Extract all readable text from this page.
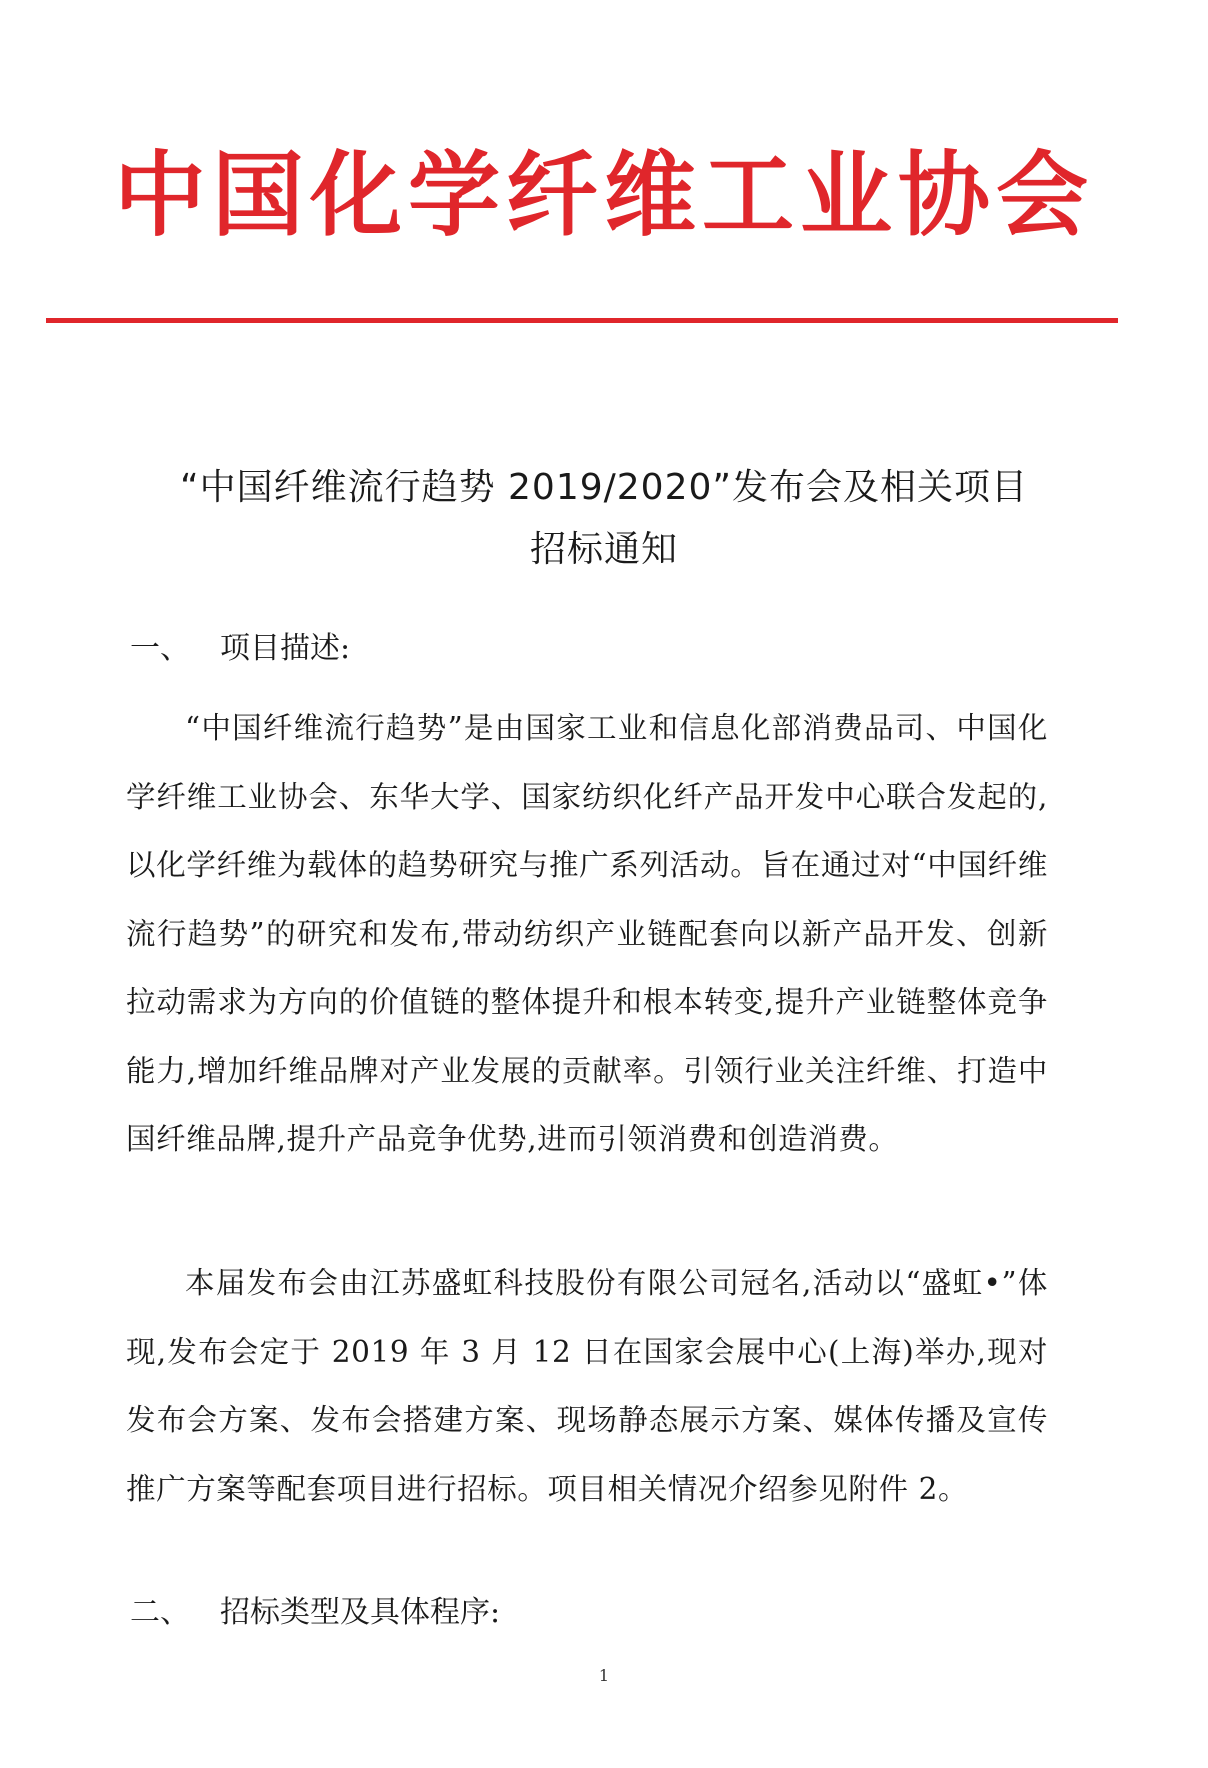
中国化学纤维工业协会
“中国纤维流行趋势 2019/2020”发布会及相关项目
招标通知
一、 项目描述:

“中国纤维流行趋势”是由国家工业和信息化部消费品司、中国化学纤维工业协会、东华大学、国家纺织化纤产品开发中心联合发起的,以化学纤维为载体的趋势研究与推广系列活动。旨在通过对“中国纤维流行趋势”的研究和发布,带动纺织产业链配套向以新产品开发、创新拉动需求为方向的价值链的整体提升和根本转变,提升产业链整体竞争能力,增加纤维品牌对产业发展的贡献率。引领行业关注纤维、打造中国纤维品牌,提升产品竞争优势,进而引领消费和创造消费。

本届发布会由江苏盛虹科技股份有限公司冠名,活动以“盛虹•”体现,发布会定于 2019 年 3 月 12 日在国家会展中心(上海)举办,现对发布会方案、发布会搭建方案、现场静态展示方案、媒体传播及宣传推广方案等配套项目进行招标。项目相关情况介绍参见附件 2。

二、 招标类型及具体程序:
1
